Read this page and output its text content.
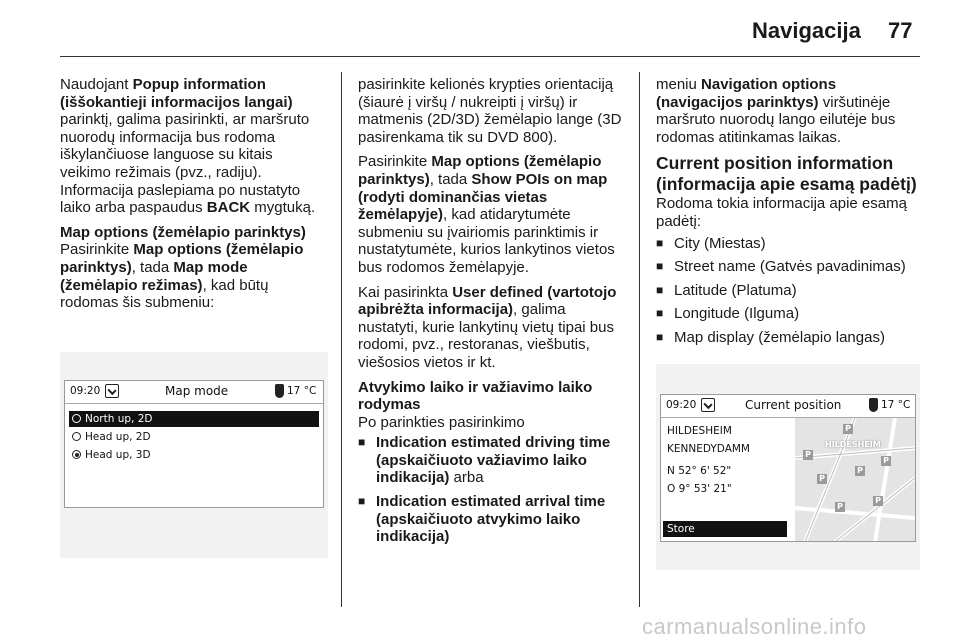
Navigacija 77

Naudojant Popup information (iššokantieji informacijos langai) parinktį, galima pasirinkti, ar maršruto nuorodų informacija bus rodoma iškylančiuose languose su kitais veikimo režimais (pvz., radiju). Informacija paslepiama po nustatyto laiko arba paspaudus BACK mygtuką.

Map options (žemėlapio parinktys)

Pasirinkite Map options (žemėlapio parinktys), tada Map mode (žemėlapio režimas), kad būtų rodomas šis submeniu:

09:20	Map mode	17 °C
North up, 2D
Head up, 2D
Head up, 3D

pasirinkite kelionės krypties orientaciją (šiaurė į viršų / nukreipti į viršų) ir matmenis (2D/3D) žemėlapio lange (3D pasirenkama tik su DVD 800).

Pasirinkite Map options (žemėlapio parinktys), tada Show POIs on map (rodyti dominančias vietas žemėlapyje), kad atidarytumėte submeniu su įvairiomis parinktimis ir nustatytumėte, kurios lankytinos vietos bus rodomos žemėlapyje.

Kai pasirinkta User defined (vartotojo apibrėžta informacija), galima nustatyti, kurie lankytinų vietų tipai bus rodomi, pvz., restoranas, viešbutis, viešosios vietos ir kt.

Atvykimo laiko ir važiavimo laiko rodymas

Po parinkties pasirinkimo

■ Indication estimated driving time (apskaičiuoto važiavimo laiko indikacija) arba
■ Indication estimated arrival time (apskaičiuoto atvykimo laiko indikacija)

meniu Navigation options (navigacijos parinktys) viršutinėje maršruto nuorodų lango eilutėje bus rodomas atitinkamas laikas.

Current position information (informacija apie esamą padėtį)

Rodoma tokia informacija apie esamą padėtį:

■ City (Miestas)
■ Street name (Gatvės pavadinimas)
■ Latitude (Platuma)
■ Longitude (Ilguma)
■ Map display (žemėlapio langas)
09:20	Current position	17 °C
HILDESHEIM
KENNEDYDAMM
N 52° 6' 52"
O 9° 53' 21"
Store
HILDESHEIM
P
P
P
P
P
P
P
carmanualsonline.info
